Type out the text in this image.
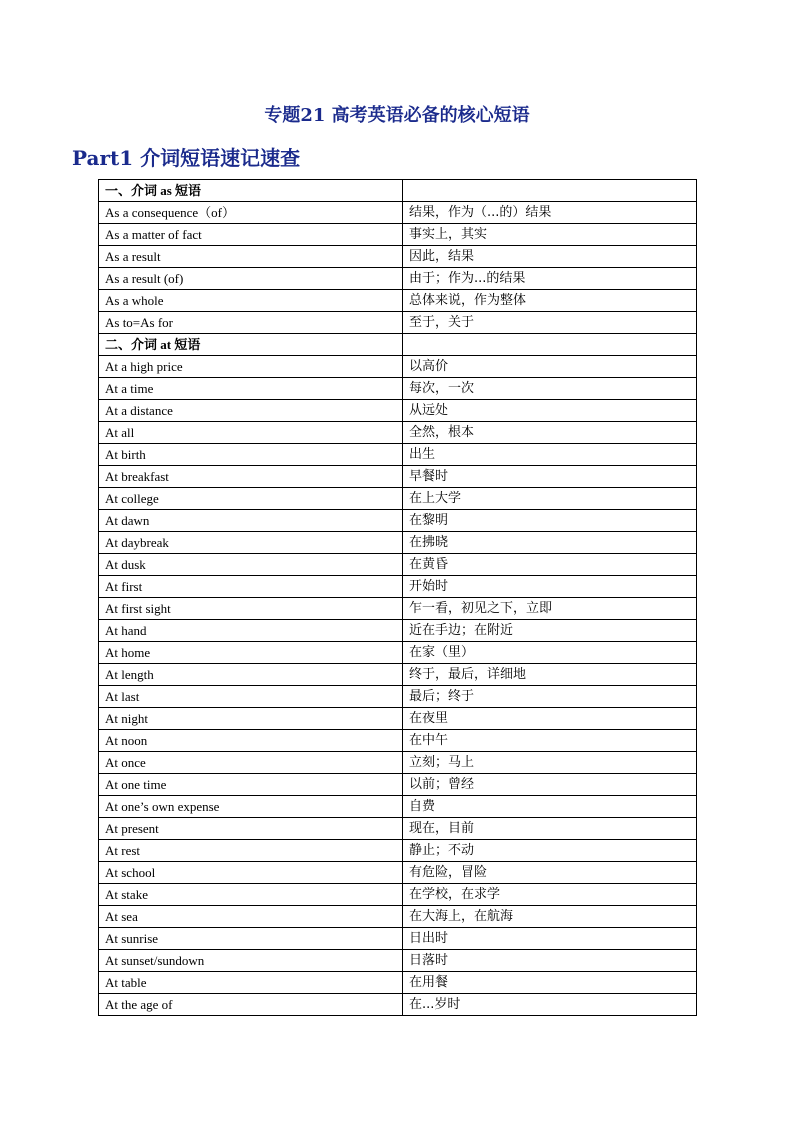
专题21 高考英语必备的核心短语
Part1 介词短语速记速查
一、介词 as 短语	
As a consequence（of）	结果，作为（...的）结果
As a matter of fact	事实上，其实
As a result	因此，结果
As a result (of)	由于；作为...的结果
As a whole	总体来说，作为整体
As to=As for	至于，关于
二、介词 at 短语	
At a high price	以高价
At a time	每次，一次
At a distance	从远处
At all	全然，根本
At birth	出生
At breakfast	早餐时
At college	在上大学
At dawn	在黎明
At daybreak	在拂晓
At dusk	在黄昏
At first	开始时
At first sight	乍一看，初见之下，立即
At hand	近在手边；在附近
At home	在家（里）
At length	终于，最后，详细地
At last	最后；终于
At night	在夜里
At noon	在中午
At once	立刻；马上
At one time	以前；曾经
At one’s own expense	自费
At present	现在，目前
At rest	静止；不动
At school	有危险，冒险
At stake	在学校，在求学
At sea	在大海上，在航海
At sunrise	日出时
At sunset/sundown	日落时
At table	在用餐
At the age of	在...岁时
